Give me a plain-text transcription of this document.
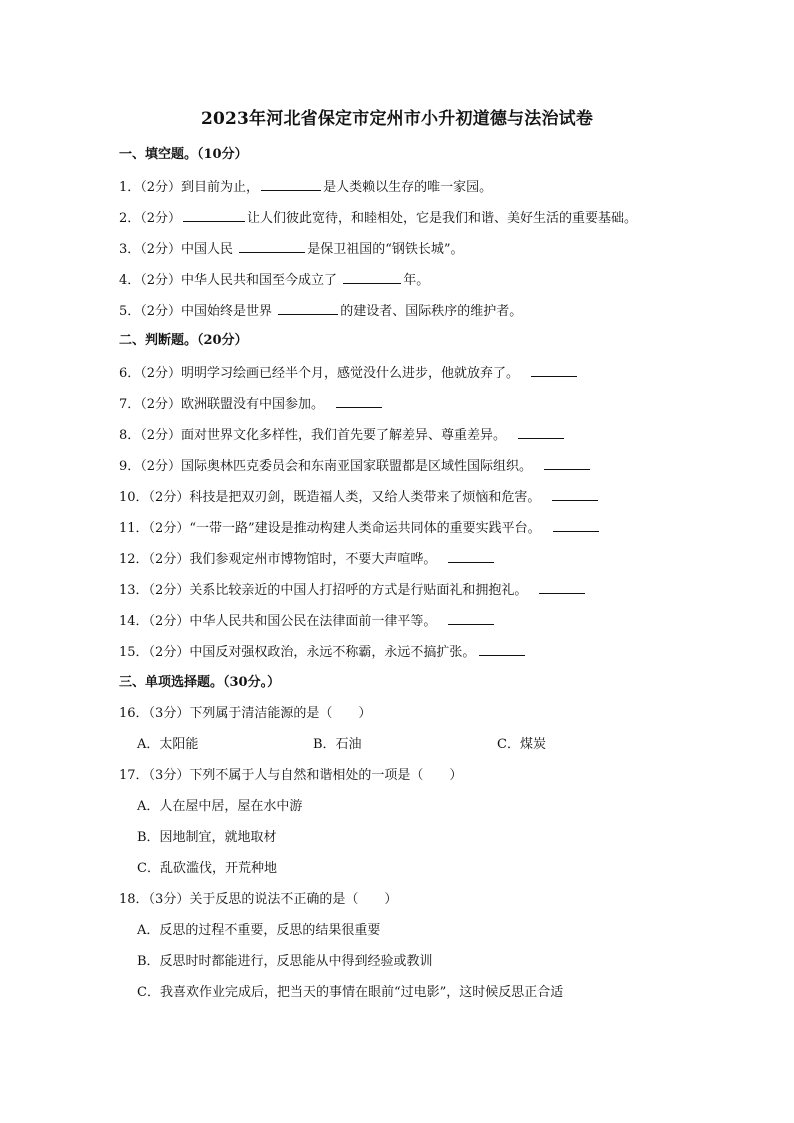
2023年河北省保定市定州市小升初道德与法治试卷
一、填空题。（10分）
1．（2分）到目前为止，	是人类赖以生存的唯一家园。
2．（2分）	让人们彼此宽待，和睦相处，它是我们和谐、美好生活的重要基础。
3．（2分）中国人民	是保卫祖国的“钢铁长城”。
4．（2分）中华人民共和国至今成立了	年。
5．（2分）中国始终是世界	的建设者、国际秩序的维护者。
二、判断题。（20分）
6．（2分）明明学习绘画已经半个月，感觉没什么进步，他就放弃了。
7．（2分）欧洲联盟没有中国参加。
8．（2分）面对世界文化多样性，我们首先要了解差异、尊重差异。
9．（2分）国际奥林匹克委员会和东南亚国家联盟都是区域性国际组织。
10．（2分）科技是把双刃剑，既造福人类，又给人类带来了烦恼和危害。
11．（2分）“一带一路”建设是推动构建人类命运共同体的重要实践平台。
12．（2分）我们参观定州市博物馆时，不要大声喧哗。
13．（2分）关系比较亲近的中国人打招呼的方式是行贴面礼和拥抱礼。
14．（2分）中华人民共和国公民在法律面前一律平等。
15．（2分）中国反对强权政治，永远不称霸，永远不搞扩张。
三、单项选择题。（30分。）
16．（3分）下列属于清洁能源的是（　　）
A．太阳能	B．石油	C．煤炭
17．（3分）下列不属于人与自然和谐相处的一项是（　　）
A．人在屋中居，屋在水中游
B．因地制宜，就地取材
C．乱砍滥伐，开荒种地
18．（3分）关于反思的说法不正确的是（　　）
A．反思的过程不重要，反思的结果很重要
B．反思时时都能进行，反思能从中得到经验或教训
C．我喜欢作业完成后，把当天的事情在眼前“过电影”，这时候反思正合适
